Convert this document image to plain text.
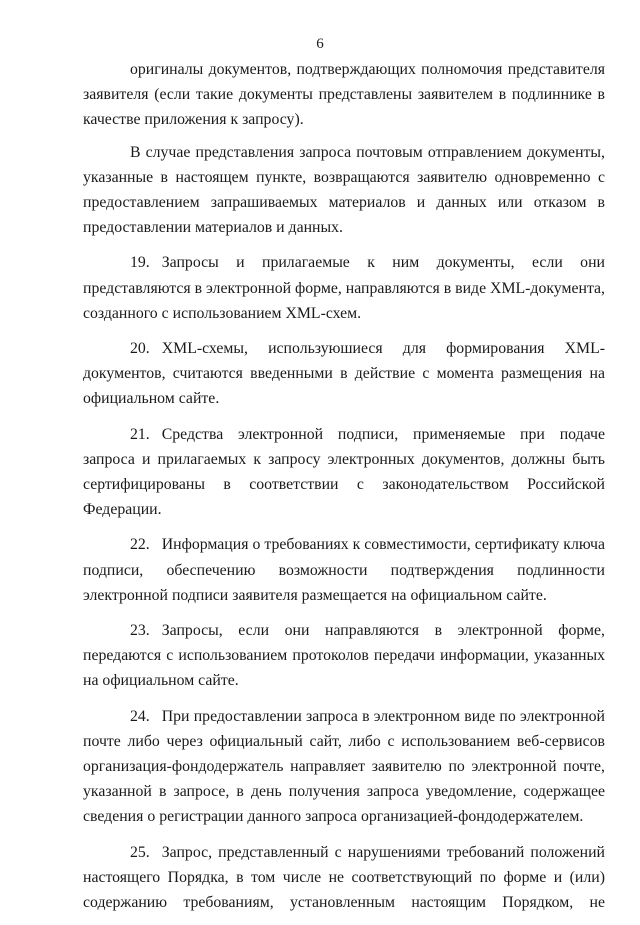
6

оригиналы документов, подтверждающих полномочия представителя заявителя (если такие документы представлены заявителем в подлиннике в качестве приложения к запросу).

В случае представления запроса почтовым отправлением документы, указанные в настоящем пункте, возвращаются заявителю одновременно с предоставлением запрашиваемых материалов и данных или отказом в предоставлении материалов и данных.

19. Запросы и прилагаемые к ним документы, если они представляются в электронной форме, направляются в виде XML-документа, созданного с использованием XML-схем.

20. XML-схемы, используюшиеся для формирования XML-документов, считаются введенными в действие с момента размещения на официальном сайте.

21. Средства электронной подписи, применяемые при подаче запроса и прилагаемых к запросу электронных документов, должны быть сертифицированы в соответствии с законодательством Российской Федерации.

22. Информация о требованиях к совместимости, сертификату ключа подписи, обеспечению возможности подтверждения подлинности электронной подписи заявителя размещается на официальном сайте.

23. Запросы, если они направляются в электронной форме, передаются с использованием протоколов передачи информации, указанных на официальном сайте.

24. При предоставлении запроса в электронном виде по электронной почте либо через официальный сайт, либо с использованием веб-сервисов организация-фондодержатель направляет заявителю по электронной почте, указанной в запросе, в день получения запроса уведомление, содержащее сведения о регистрации данного запроса организацией-фондодержателем.

25. Запрос, представленный с нарушениями требований положений настоящего Порядка, в том числе не соответствующий по форме и (или) содержанию требованиям, установленным настоящим Порядком, не
